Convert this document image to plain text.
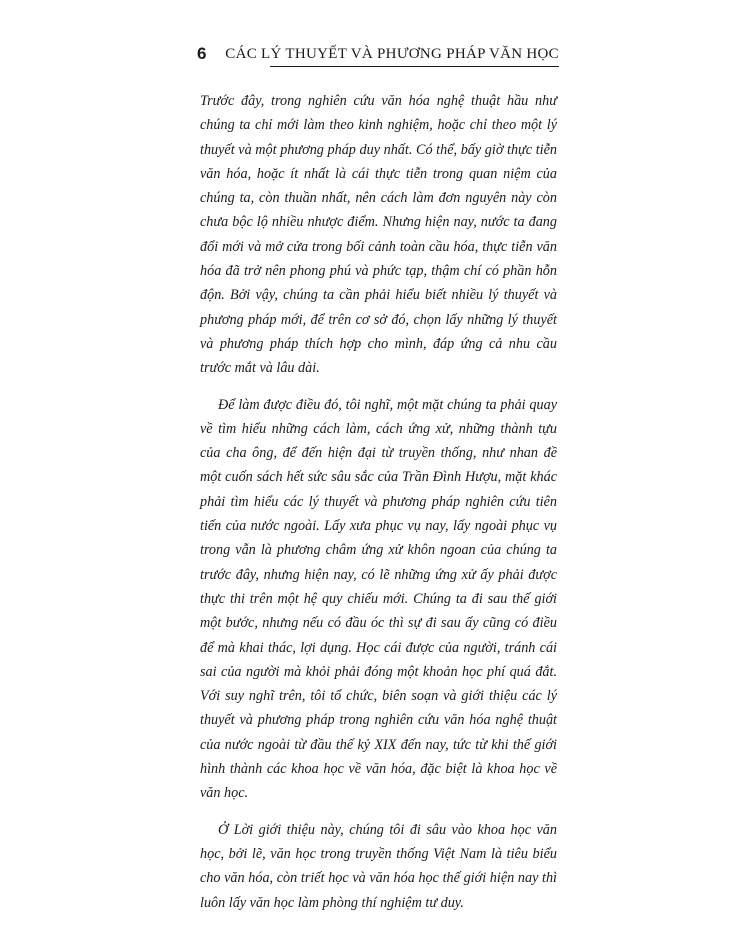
6 CÁC LÝ THUYẾT VÀ PHƯƠNG PHÁP VĂN HỌC

Trước đây, trong nghiên cứu văn hóa nghệ thuật hầu như chúng ta chỉ mới làm theo kinh nghiệm, hoặc chỉ theo một lý thuyết và một phương pháp duy nhất. Có thể, bấy giờ thực tiễn văn hóa, hoặc ít nhất là cái thực tiễn trong quan niệm của chúng ta, còn thuần nhất, nên cách làm đơn nguyên này còn chưa bộc lộ nhiều nhược điểm. Nhưng hiện nay, nước ta đang đổi mới và mở cửa trong bối cảnh toàn cầu hóa, thực tiễn văn hóa đã trở nên phong phú và phức tạp, thậm chí có phần hỗn độn. Bởi vậy, chúng ta cần phải hiểu biết nhiều lý thuyết và phương pháp mới, để trên cơ sở đó, chọn lấy những lý thuyết và phương pháp thích hợp cho mình, đáp ứng cả nhu cầu trước mắt và lâu dài.

Để làm được điều đó, tôi nghĩ, một mặt chúng ta phải quay về tìm hiểu những cách làm, cách ứng xử, những thành tựu của cha ông, để đến hiện đại từ truyền thống, như nhan đề một cuốn sách hết sức sâu sắc của Trần Đình Hượu, mặt khác phải tìm hiểu các lý thuyết và phương pháp nghiên cứu tiên tiến của nước ngoài. Lấy xưa phục vụ nay, lấy ngoài phục vụ trong vẫn là phương châm ứng xử khôn ngoan của chúng ta trước đây, nhưng hiện nay, có lẽ những ứng xử ấy phải được thực thi trên một hệ quy chiếu mới. Chúng ta đi sau thế giới một bước, nhưng nếu có đầu óc thì sự đi sau ấy cũng có điều để mà khai thác, lợi dụng. Học cái được của người, tránh cái sai của người mà khỏi phải đóng một khoản học phí quá đắt. Với suy nghĩ trên, tôi tổ chức, biên soạn và giới thiệu các lý thuyết và phương pháp trong nghiên cứu văn hóa nghệ thuật của nước ngoài từ đầu thế kỷ XIX đến nay, tức từ khi thế giới hình thành các khoa học về văn hóa, đặc biệt là khoa học về văn học.

Ở Lời giới thiệu này, chúng tôi đi sâu vào khoa học văn học, bởi lẽ, văn học trong truyền thống Việt Nam là tiêu biểu cho văn hóa, còn triết học và văn hóa học thế giới hiện nay thì luôn lấy văn học làm phòng thí nghiệm tư duy.
